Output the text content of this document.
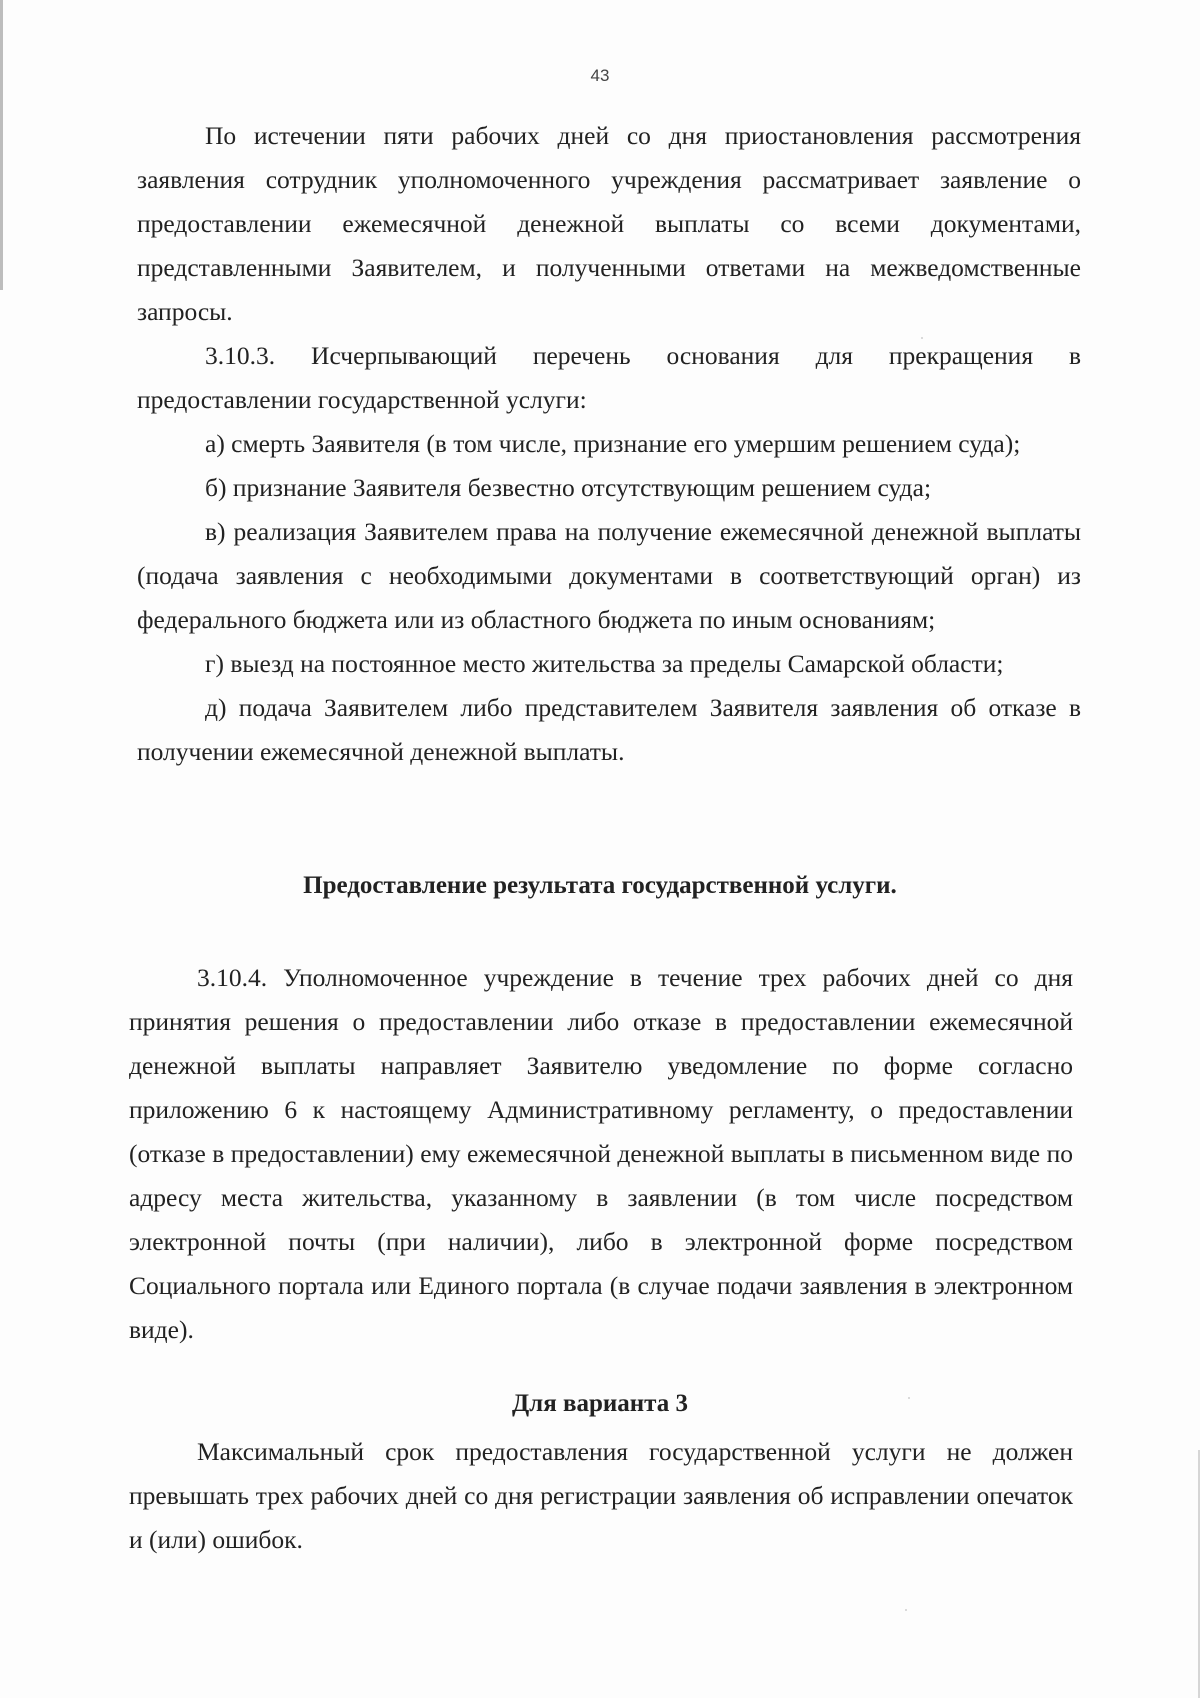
43

По истечении пяти рабочих дней со дня приостановления рассмотрения заявления сотрудник уполномоченного учреждения рассматривает заявление о предоставлении ежемесячной денежной выплаты со всеми документами, представленными Заявителем, и полученными ответами на межведомственные запросы.

3.10.3. Исчерпывающий перечень основания для прекращения в предоставлении государственной услуги:

а) смерть Заявителя (в том числе, признание его умершим решением суда);

б) признание Заявителя безвестно отсутствующим решением суда;

в) реализация Заявителем права на получение ежемесячной денежной выплаты (подача заявления с необходимыми документами в соответствующий орган) из федерального бюджета или из областного бюджета по иным основаниям;

г) выезд на постоянное место жительства за пределы Самарской области;

д) подача Заявителем либо представителем Заявителя заявления об отказе в получении ежемесячной денежной выплаты.

Предоставление результата государственной услуги.

3.10.4. Уполномоченное учреждение в течение трех рабочих дней со дня принятия решения о предоставлении либо отказе в предоставлении ежемесячной денежной выплаты направляет Заявителю уведомление по форме согласно приложению 6 к настоящему Административному регламенту, о предоставлении (отказе в предоставлении) ему ежемесячной денежной выплаты в письменном виде по адресу места жительства, указанному в заявлении (в том числе посредством электронной почты (при наличии), либо в электронной форме посредством Социального портала или Единого портала (в случае подачи заявления в электронном виде).

Для варианта 3

Максимальный срок предоставления государственной услуги не должен превышать трех рабочих дней со дня регистрации заявления об исправлении опечаток и (или) ошибок.
